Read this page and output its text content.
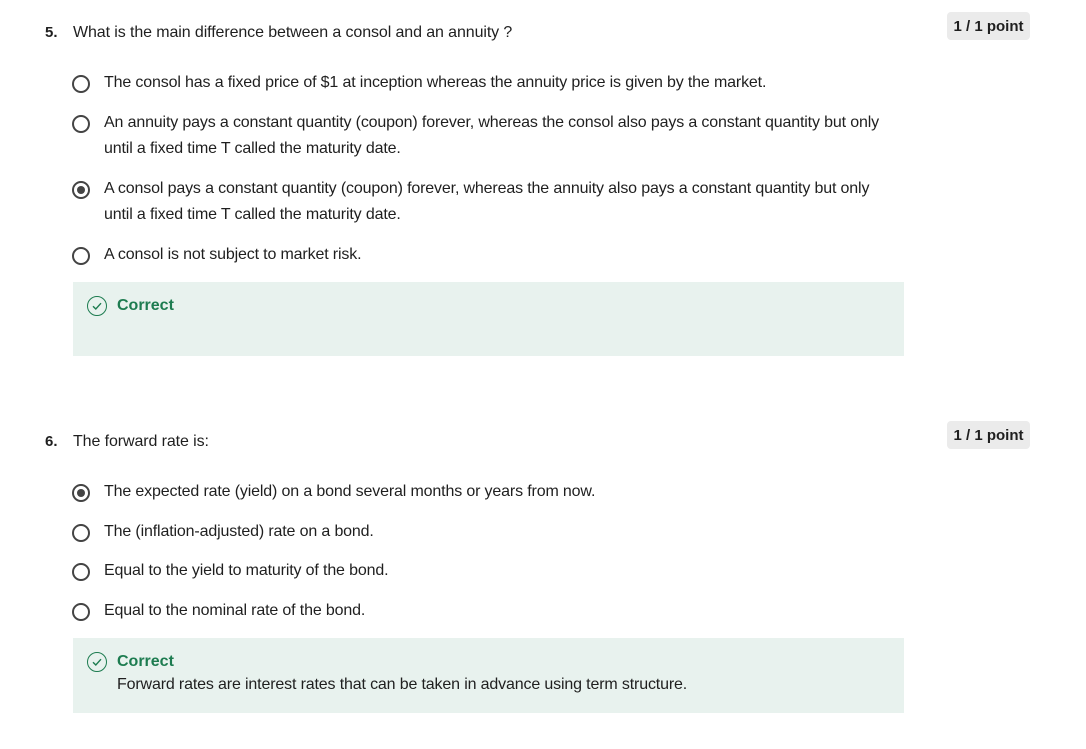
5. What is the main difference between a consol and an annuity ?	1 / 1 point
The consol has a fixed price of $1 at inception whereas the annuity price is given by the market.
An annuity pays a constant quantity (coupon) forever, whereas the consol also pays a constant quantity but only until a fixed time T called the maturity date.
A consol pays a constant quantity (coupon) forever, whereas the annuity also pays a constant quantity but only until a fixed time T called the maturity date.
A consol is not subject to market risk.
Correct
6. The forward rate is:	1 / 1 point
The expected rate (yield) on a bond several months or years from now.
The (inflation-adjusted) rate on a bond.
Equal to the yield to maturity of the bond.
Equal to the nominal rate of the bond.
Correct
Forward rates are interest rates that can be taken in advance using term structure.
